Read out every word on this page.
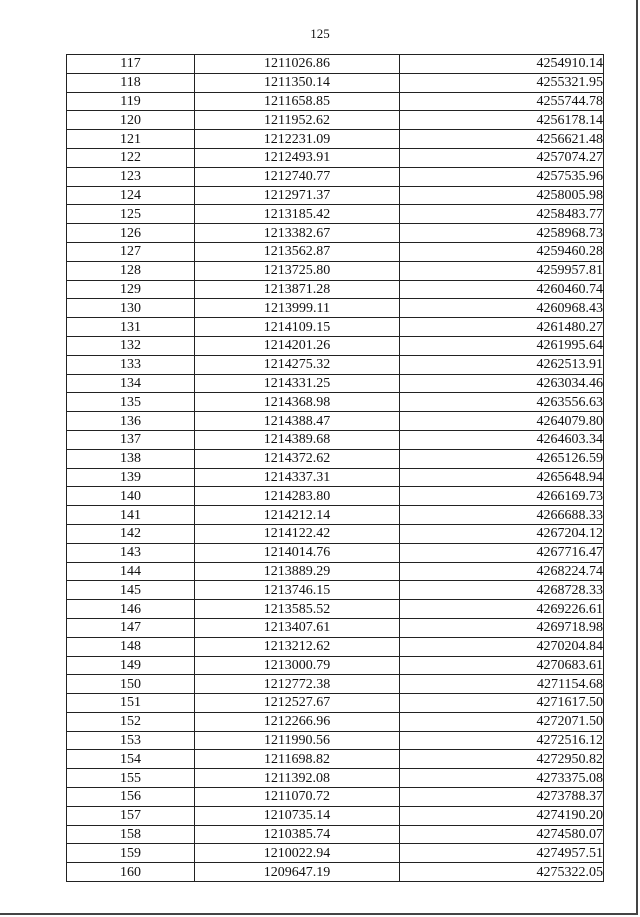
125
117	1211026.86	4254910.14
118	1211350.14	4255321.95
119	1211658.85	4255744.78
120	1211952.62	4256178.14
121	1212231.09	4256621.48
122	1212493.91	4257074.27
123	1212740.77	4257535.96
124	1212971.37	4258005.98
125	1213185.42	4258483.77
126	1213382.67	4258968.73
127	1213562.87	4259460.28
128	1213725.80	4259957.81
129	1213871.28	4260460.74
130	1213999.11	4260968.43
131	1214109.15	4261480.27
132	1214201.26	4261995.64
133	1214275.32	4262513.91
134	1214331.25	4263034.46
135	1214368.98	4263556.63
136	1214388.47	4264079.80
137	1214389.68	4264603.34
138	1214372.62	4265126.59
139	1214337.31	4265648.94
140	1214283.80	4266169.73
141	1214212.14	4266688.33
142	1214122.42	4267204.12
143	1214014.76	4267716.47
144	1213889.29	4268224.74
145	1213746.15	4268728.33
146	1213585.52	4269226.61
147	1213407.61	4269718.98
148	1213212.62	4270204.84
149	1213000.79	4270683.61
150	1212772.38	4271154.68
151	1212527.67	4271617.50
152	1212266.96	4272071.50
153	1211990.56	4272516.12
154	1211698.82	4272950.82
155	1211392.08	4273375.08
156	1211070.72	4273788.37
157	1210735.14	4274190.20
158	1210385.74	4274580.07
159	1210022.94	4274957.51
160	1209647.19	4275322.05
